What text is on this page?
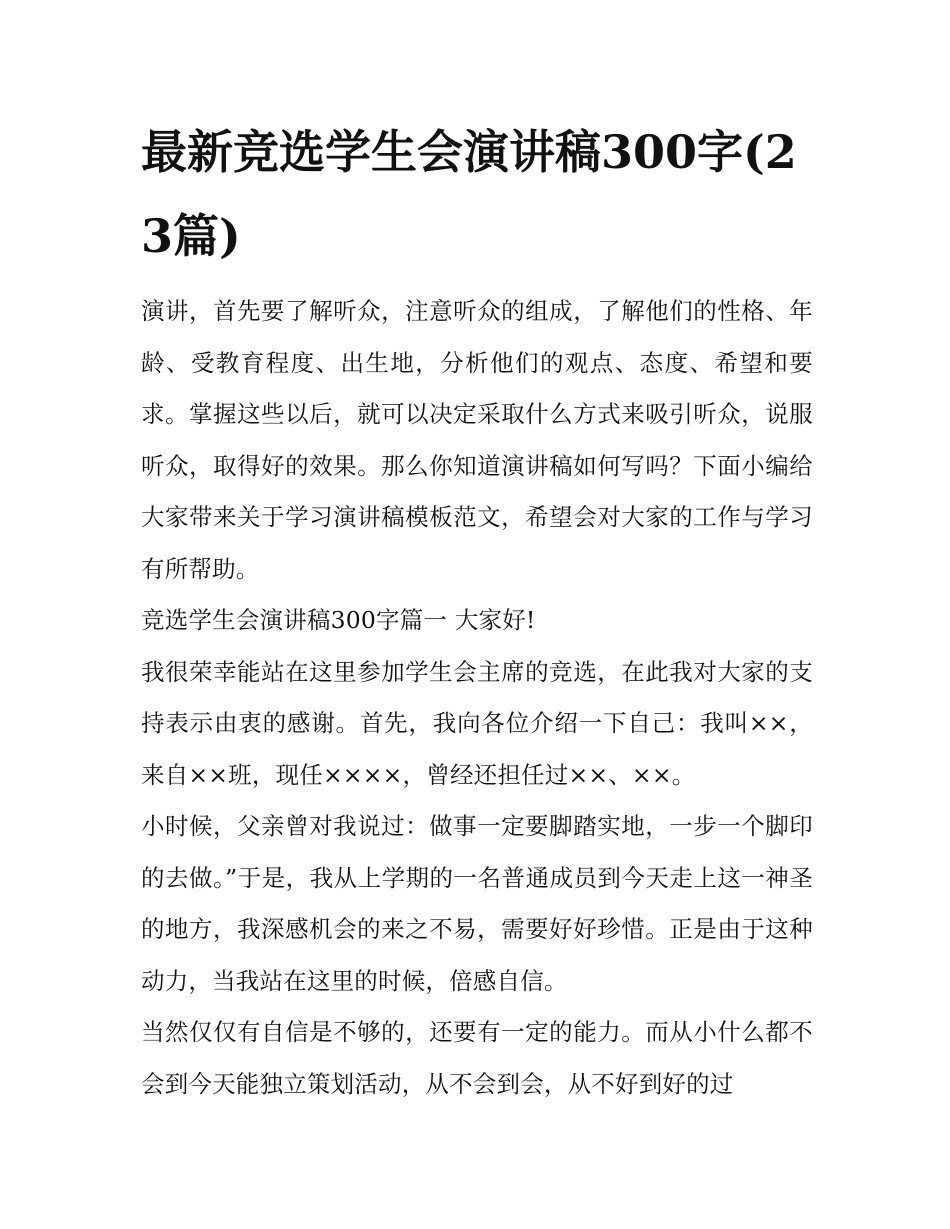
最新竞选学生会演讲稿300字(23篇)

演讲，首先要了解听众，注意听众的组成，了解他们的性格、年龄、受教育程度、出生地，分析他们的观点、态度、希望和要求。掌握这些以后，就可以决定采取什么方式来吸引听众，说服听众，取得好的效果。那么你知道演讲稿如何写吗？下面小编给大家带来关于学习演讲稿模板范文，希望会对大家的工作与学习有所帮助。

竞选学生会演讲稿300字篇一 大家好!

我很荣幸能站在这里参加学生会主席的竞选，在此我对大家的支持表示由衷的感谢。首先，我向各位介绍一下自己：我叫××，来自××班，现任××××，曾经还担任过××、××。

小时候，父亲曾对我说过：做事一定要脚踏实地，一步一个脚印的去做。”于是，我从上学期的一名普通成员到今天走上这一神圣的地方，我深感机会的来之不易，需要好好珍惜。正是由于这种动力，当我站在这里的时候，倍感自信。

当然仅仅有自信是不够的，还要有一定的能力。而从小什么都不会到今天能独立策划活动，从不会到会，从不好到好的过
